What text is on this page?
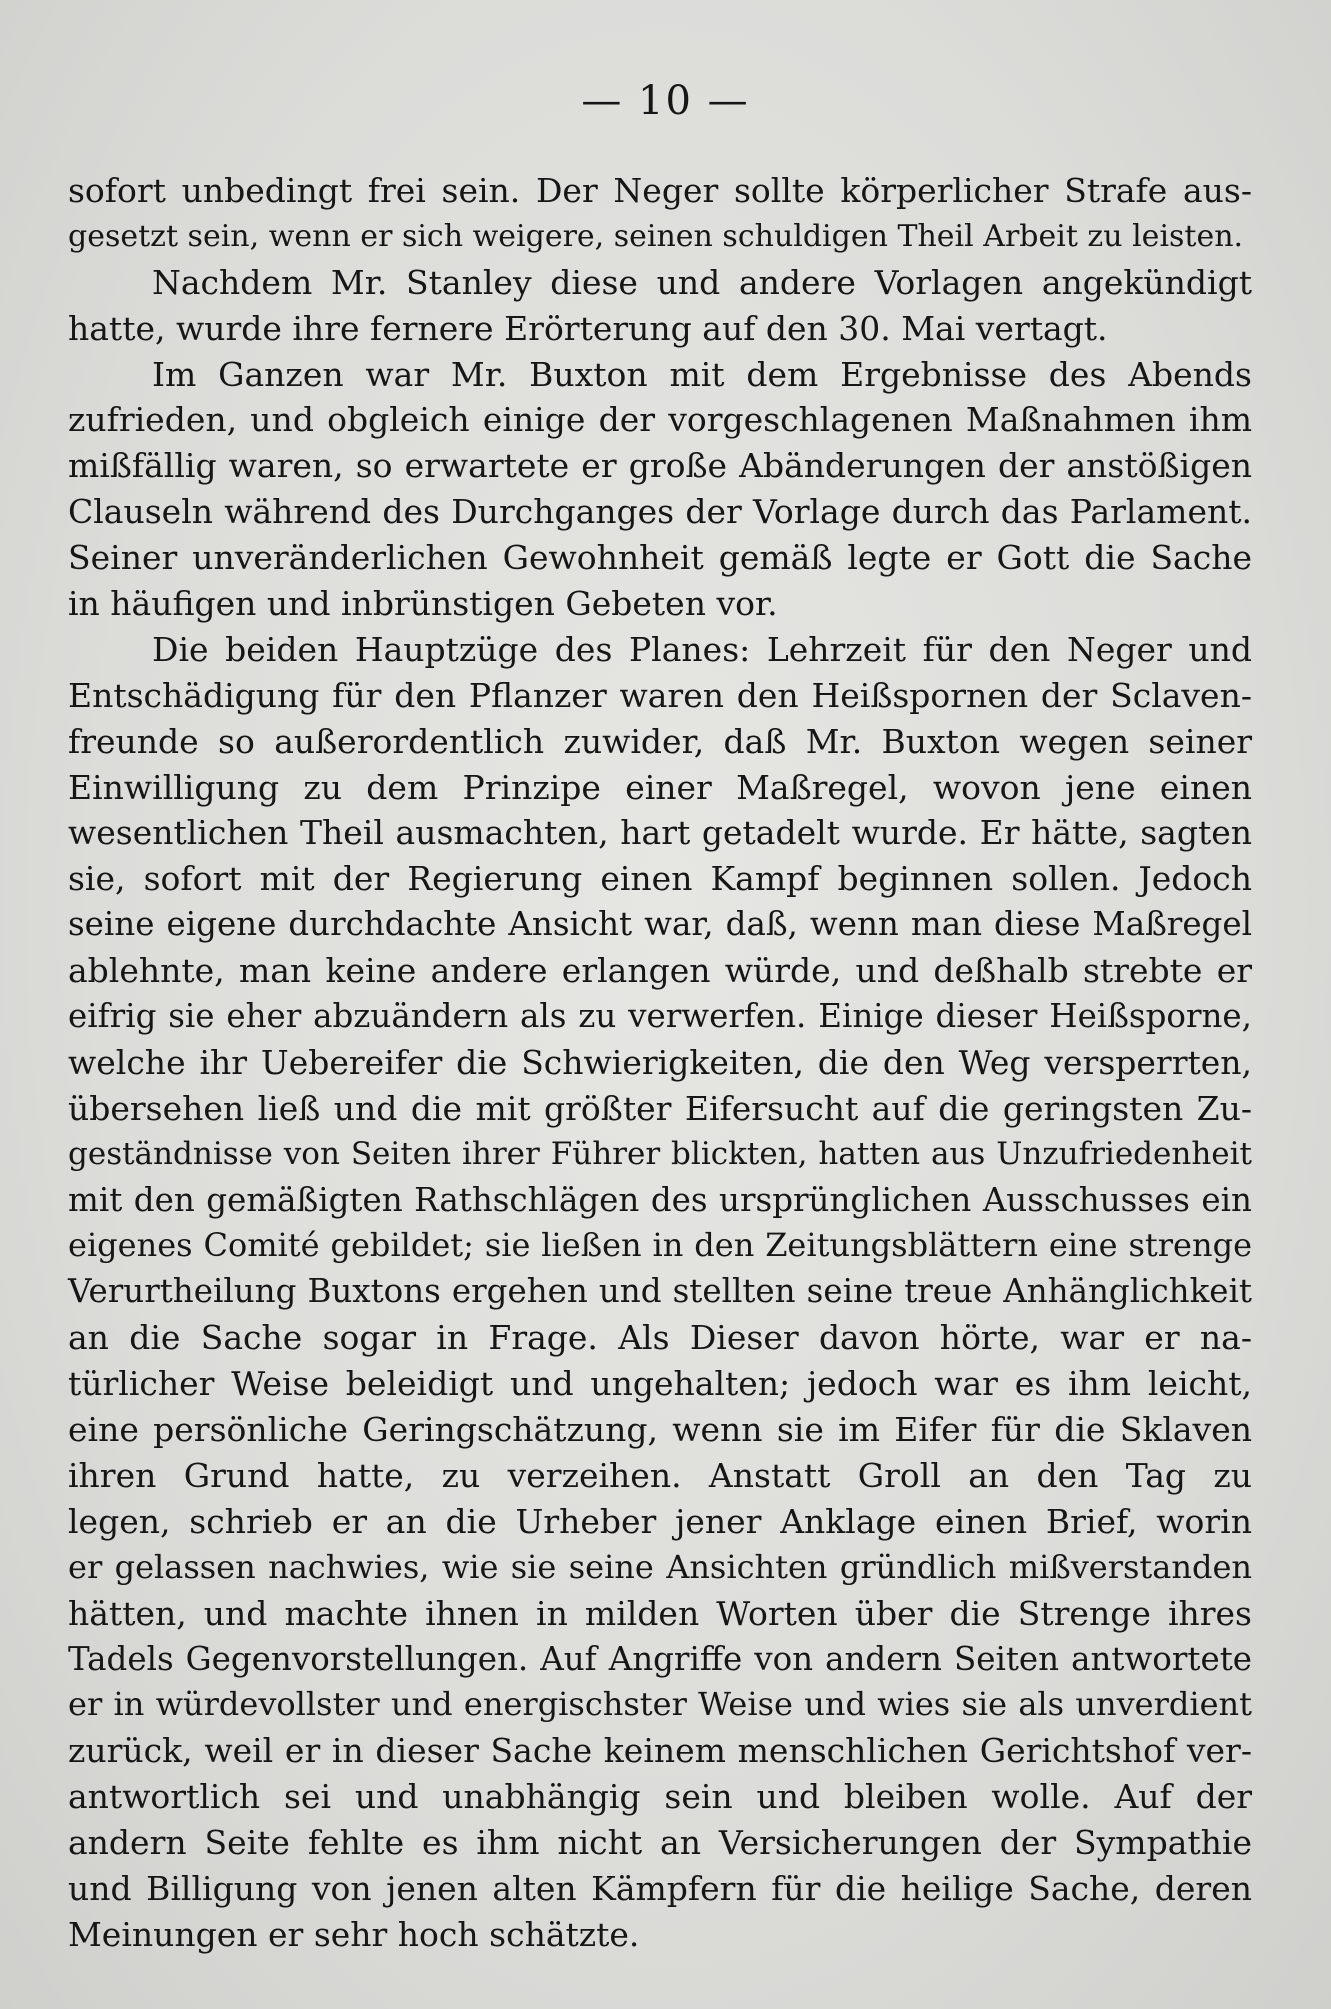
— 10 —
sofort unbedingt frei sein. Der Neger sollte körperlicher Strafe aus-
gesetzt sein, wenn er sich weigere, seinen schuldigen Theil Arbeit zu leisten.
Nachdem Mr. Stanley diese und andere Vorlagen angekündigt
hatte, wurde ihre fernere Erörterung auf den 30. Mai vertagt.
Im Ganzen war Mr. Buxton mit dem Ergebnisse des Abends
zufrieden, und obgleich einige der vorgeschlagenen Maßnahmen ihm
mißfällig waren, so erwartete er große Abänderungen der anstößigen
Clauseln während des Durchganges der Vorlage durch das Parlament.
Seiner unveränderlichen Gewohnheit gemäß legte er Gott die Sache
in häufigen und inbrünstigen Gebeten vor.
Die beiden Hauptzüge des Planes: Lehrzeit für den Neger und
Entschädigung für den Pflanzer waren den Heißspornen der Sclaven-
freunde so außerordentlich zuwider, daß Mr. Buxton wegen seiner
Einwilligung zu dem Prinzipe einer Maßregel, wovon jene einen
wesentlichen Theil ausmachten, hart getadelt wurde. Er hätte, sagten
sie, sofort mit der Regierung einen Kampf beginnen sollen. Jedoch
seine eigene durchdachte Ansicht war, daß, wenn man diese Maßregel
ablehnte, man keine andere erlangen würde, und deßhalb strebte er
eifrig sie eher abzuändern als zu verwerfen. Einige dieser Heißsporne,
welche ihr Uebereifer die Schwierigkeiten, die den Weg versperrten,
übersehen ließ und die mit größter Eifersucht auf die geringsten Zu-
geständnisse von Seiten ihrer Führer blickten, hatten aus Unzufriedenheit
mit den gemäßigten Rathschlägen des ursprünglichen Ausschusses ein
eigenes Comité gebildet; sie ließen in den Zeitungsblättern eine strenge
Verurtheilung Buxtons ergehen und stellten seine treue Anhänglichkeit
an die Sache sogar in Frage. Als Dieser davon hörte, war er na-
türlicher Weise beleidigt und ungehalten; jedoch war es ihm leicht,
eine persönliche Geringschätzung, wenn sie im Eifer für die Sklaven
ihren Grund hatte, zu verzeihen. Anstatt Groll an den Tag zu
legen, schrieb er an die Urheber jener Anklage einen Brief, worin
er gelassen nachwies, wie sie seine Ansichten gründlich mißverstanden
hätten, und machte ihnen in milden Worten über die Strenge ihres
Tadels Gegenvorstellungen. Auf Angriffe von andern Seiten antwortete
er in würdevollster und energischster Weise und wies sie als unverdient
zurück, weil er in dieser Sache keinem menschlichen Gerichtshof ver-
antwortlich sei und unabhängig sein und bleiben wolle. Auf der
andern Seite fehlte es ihm nicht an Versicherungen der Sympathie
und Billigung von jenen alten Kämpfern für die heilige Sache, deren
Meinungen er sehr hoch schätzte.
